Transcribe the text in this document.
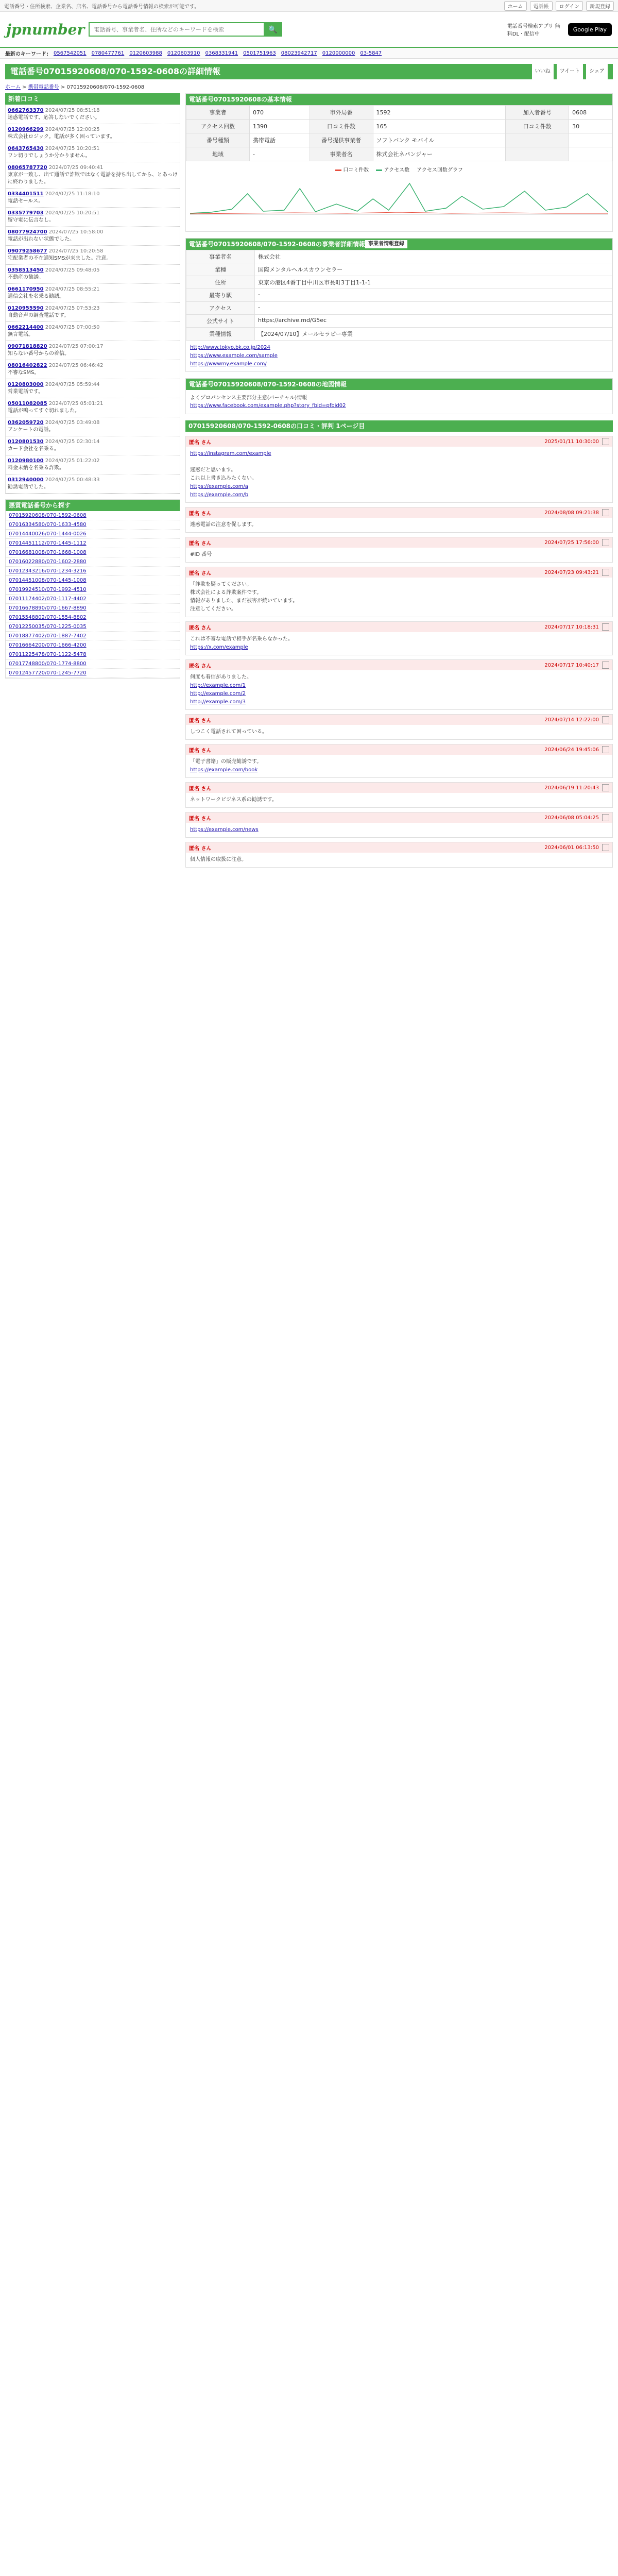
電話番号・住所検索、企業名、店名、電話番号から電話番号情報の検索が可能です。	ホーム	電話帳	ログイン	新規登録
jpnumber
電話番号、事業者名、住所などのキーワードを検索	🔍	電話番号検索アプリ 無料DL・配信中
Google Play
最新のキーワード: 0567542051 0780477761 0120603988 0120603910 0368331941 0501751963 08023942717 0120000000 03-5847
電話番号07015920608/070-1592-0608の詳細情報	いいね	ツイート	シェア
ホーム > 携帯電話番号 > 07015920608/070-1592-0608
新着口コミ
0662763370 2024/07/25 08:51:18
迷惑電話です、応答しないでください。
0120966299 2024/07/25 12:00:25
株式会社ロジック。電話が多く困っています。
0643765430 2024/07/25 10:20:51
ワン切りでしょうか分かりません。
08065787720 2024/07/25 09:40:41
東京が一致し、出て通話で詐欺ではなく電話を持ち出してから、とあっけに終わりました。
0334401511 2024/07/25 11:18:10
電話セールス。
0335779703 2024/07/25 10:20:51
留守電に伝言なし。
08077924700 2024/07/25 10:58:00
電話が出れない状態でした。
09079258677 2024/07/25 10:20:58
宅配業者の不在通知SMSが来ました。注意。
0358513450 2024/07/25 09:48:05
不動産の勧誘。
0661170950 2024/07/25 08:55:21
通信会社を名乗る勧誘。
0120955590 2024/07/25 07:53:23
自動音声の調査電話です。
0662214400 2024/07/25 07:00:50
無言電話。
09071818820 2024/07/25 07:00:17
知らない番号からの着信。
08016402822 2024/07/25 06:46:42
不審なSMS。
0120803000 2024/07/25 05:59:44
営業電話です。
05011082085 2024/07/25 05:01:21
電話が鳴ってすぐ切れました。
0362059720 2024/07/25 03:49:08
アンケートの電話。
0120801530 2024/07/25 02:30:14
カード会社を名乗る。
0120980100 2024/07/25 01:22:02
料金未納を名乗る詐欺。
0312940000 2024/07/25 00:48:33
勧誘電話でした。
悪質電話番号から探す
07015920608/070-1592-0608
07016334580/070-1633-4580
07014440026/070-1444-0026
07014451112/070-1445-1112
07016681008/070-1668-1008
07016022880/070-1602-2880
07012343216/070-1234-3216
07014451008/070-1445-1008
07019924510/070-1992-4510
07011174402/070-1117-4402
07016678890/070-1667-8890
07015548802/070-1554-8802
07012250035/070-1225-0035
07018877402/070-1887-7402
07016664200/070-1666-4200
07011225478/070-1122-5478
07017748800/070-1774-8800
07012457720/070-1245-7720
電話番号07015920608の基本情報
事業者	070	市外局番	1592	加入者番号	0608
アクセス回数	1390	口コミ件数	165	口コミ件数	30
番号種類	携帯電話	番号提供事業者	ソフトバンク モバイル		
地域	-	事業者名	株式会社ネパンジャー		
口コミ件数	アクセス数 アクセス回数グラフ
電話番号07015920608/070-1592-0608の事業者詳細情報 事業者情報登録
事業者名	株式会社
業種	国際メンタルヘルスカウンセラー
住所	東京の港区4番丁目中川区市長町3丁目1-1-1
最寄り駅	-
アクセス	-
公式サイト	https://archive.md/G5ec
業種情報	【2024/07/10】メールセラピー専業
http://www.tokyo.bk.co.jp/2024
https://www.example.com/sample
https://wwwmy.example.com/
電話番号07015920608/070-1592-0608の地図情報
よくプロパンセンス主要部分主意(バーチャル)情報
https://www.facebook.com/example.php?story_fbid=pfbid02
07015920608/070-1592-0608の口コミ・評判 1ページ目
匿名 さん	2025/01/11 10:30:00
https://instagram.com/example

迷惑だと思います。
これ以上書き込みたくない。
https://example.com/a
https://example.com/b
匿名 さん	2024/08/08 09:21:38
迷惑電話の注意を促します。
匿名 さん	2024/07/25 17:56:00
#ID 番号
匿名 さん	2024/07/23 09:43:21
「詐欺を疑ってください。
株式会社による詐欺案件です。
情報がありました、まだ被害が続いています。
注意してください。
匿名 さん	2024/07/17 10:18:31
これは不審な電話で相手が名乗らなかった。
https://x.com/example
匿名 さん	2024/07/17 10:40:17
何度も着信がありました。
http://example.com/1
http://example.com/2
http://example.com/3
匿名 さん	2024/07/14 12:22:00
しつこく電話されて困っている。
匿名 さん	2024/06/24 19:45:06
「電子書籍」の販売勧誘です。
https://example.com/book
匿名 さん	2024/06/19 11:20:43
ネットワークビジネス系の勧誘です。
匿名 さん	2024/06/08 05:04:25
https://example.com/news
匿名 さん	2024/06/01 06:13:50
個人情報の取扱に注意。
